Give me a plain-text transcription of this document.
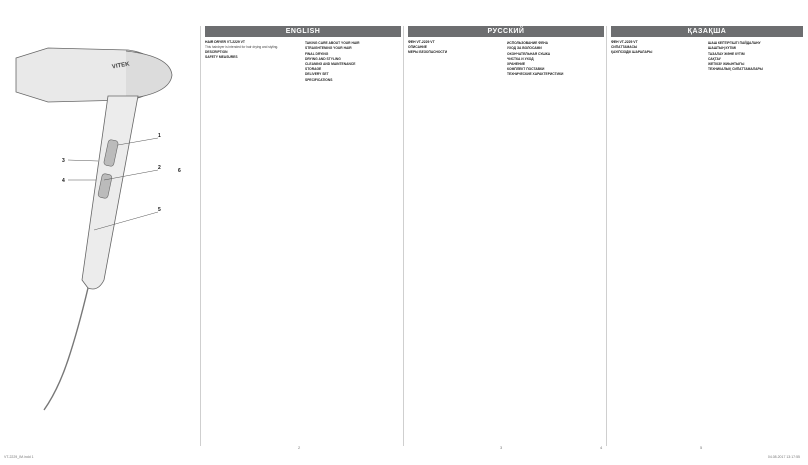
VITEK
1
2
3
4
5
6
ENGLISH	РУССКИЙ	ҚАЗАҚША

HAIR DRYER VT-2229 VT

This hairdryer is intended for hair drying and styling.

DESCRIPTION
SAFETY MEASURES
TAKING CARE ABOUT YOUR HAIR
STRAIGHTENING YOUR HAIR
FINAL DRYING
DRYING AND STYLING
CLEANING AND MAINTENANCE
STORAGE
DELIVERY SET
SPECIFICATIONS

ФЕН VT-2229 VT

ОПИСАНИЕ
МЕРЫ БЕЗОПАСНОСТИ
ИСПОЛЬЗОВАНИЕ ФЕНА
УХОД ЗА ВОЛОСАМИ
ОКОНЧАТЕЛЬНАЯ СУШКА
ЧИСТКА И УХОД
ХРАНЕНИЕ
КОМПЛЕКТ ПОСТАВКИ
ТЕХНИЧЕСКИЕ ХАРАКТЕРИСТИКИ

ФЕН VT-2229 VT

СИПАТТАМАСЫ
ҚАУІПСІЗДІК ШАРАЛАРЫ
ШАШ КЕПТІРГІШТІ ПАЙДАЛАНУ
ШАШТЫҢ КҮТІМІ
ТАЗАЛАУ ЖӘНЕ КҮТІМ
САҚТАУ
ЖЕТКІЗУ ЖИЫНТЫҒЫ
ТЕХНИКАЛЫҚ СИПАТТАМАЛАРЫ
2	3	4	5
VT-2229_IM.indd 1	04.08.2017 13:17:55
